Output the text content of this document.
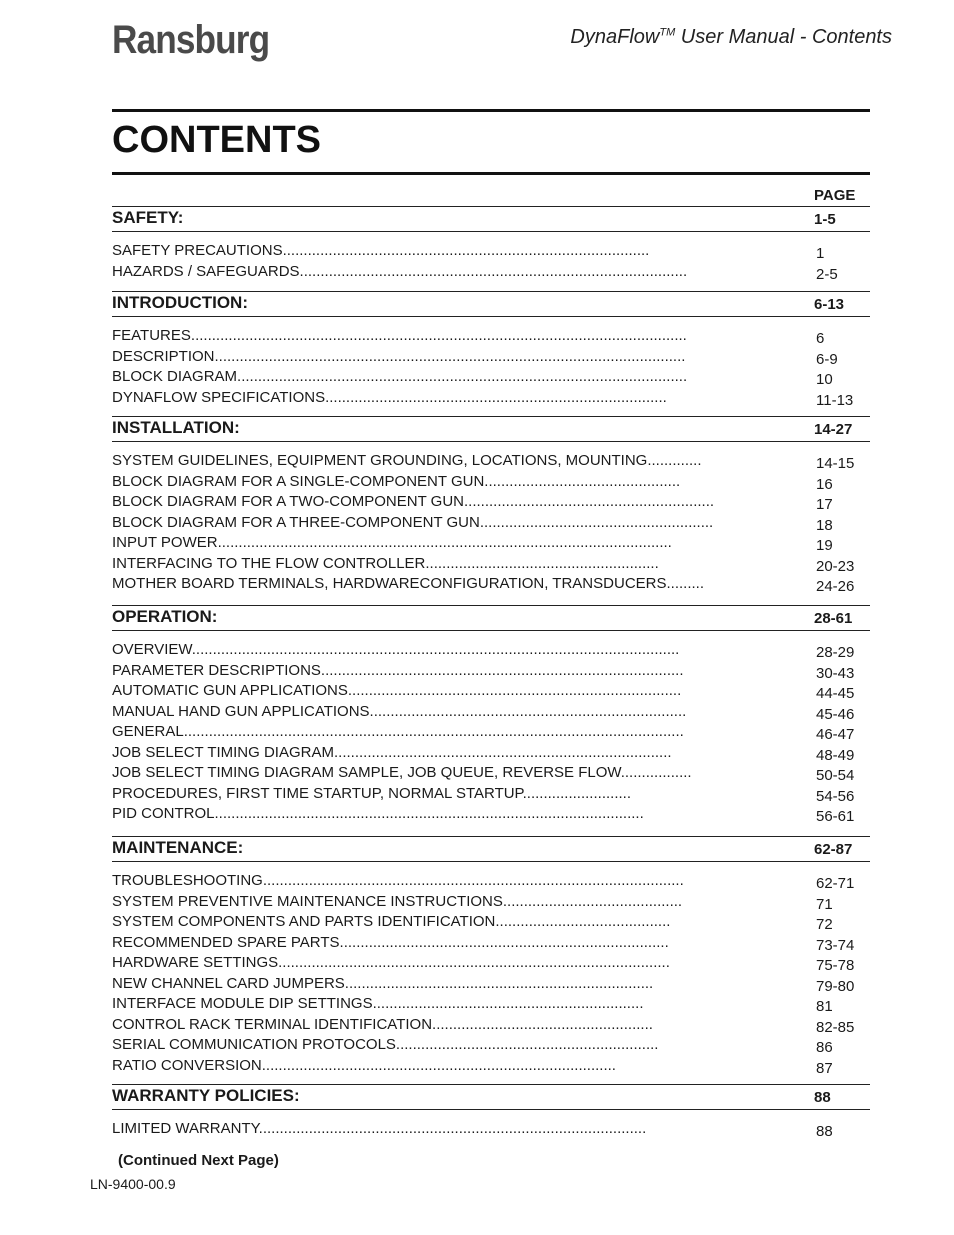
Ransburg	DynaFlow™ User Manual - Contents
CONTENTS
PAGE
SAFETY:	1-5
SAFETY PRECAUTIONS........................................................................................	1
HAZARDS / SAFEGUARDS.............................................................................................	2-5
INTRODUCTION:	6-13
FEATURES.......................................................................................................................	6
DESCRIPTION.................................................................................................................	6-9
BLOCK DIAGRAM............................................................................................................	10
DYNAFLOW SPECIFICATIONS..................................................................................	11-13
INSTALLATION:	14-27
SYSTEM GUIDELINES, EQUIPMENT GROUNDING, LOCATIONS, MOUNTING.............	14-15
BLOCK DIAGRAM FOR A SINGLE-COMPONENT GUN...............................................	16
BLOCK DIAGRAM FOR A TWO-COMPONENT GUN............................................................	17
BLOCK DIAGRAM FOR A THREE-COMPONENT GUN........................................................	18
INPUT POWER.............................................................................................................	19
INTERFACING TO THE FLOW CONTROLLER........................................................	20-23
MOTHER BOARD TERMINALS, HARDWARECONFIGURATION, TRANSDUCERS.........	24-26
OPERATION:	28-61
OVERVIEW.....................................................................................................................	28-29
PARAMETER DESCRIPTIONS.......................................................................................	30-43
AUTOMATIC GUN APPLICATIONS................................................................................	44-45
MANUAL HAND GUN APPLICATIONS............................................................................	45-46
GENERAL........................................................................................................................	46-47
JOB SELECT TIMING DIAGRAM.................................................................................	48-49
JOB SELECT TIMING DIAGRAM SAMPLE, JOB QUEUE, REVERSE FLOW.................	50-54
PROCEDURES, FIRST TIME STARTUP, NORMAL STARTUP..........................	54-56
PID CONTROL.......................................................................................................	56-61
MAINTENANCE:	62-87
TROUBLESHOOTING.....................................................................................................	62-71
SYSTEM PREVENTIVE MAINTENANCE INSTRUCTIONS...........................................	71
SYSTEM COMPONENTS AND PARTS IDENTIFICATION..........................................	72
RECOMMENDED SPARE PARTS...............................................................................	73-74
HARDWARE SETTINGS..............................................................................................	75-78
NEW CHANNEL CARD JUMPERS..........................................................................	79-80
INTERFACE MODULE DIP SETTINGS.................................................................	81
CONTROL RACK TERMINAL IDENTIFICATION.....................................................	82-85
SERIAL COMMUNICATION PROTOCOLS...............................................................	86
RATIO CONVERSION.....................................................................................	87
WARRANTY POLICIES:	88
LIMITED WARRANTY.............................................................................................	88
(Continued Next Page)
LN-9400-00.9
